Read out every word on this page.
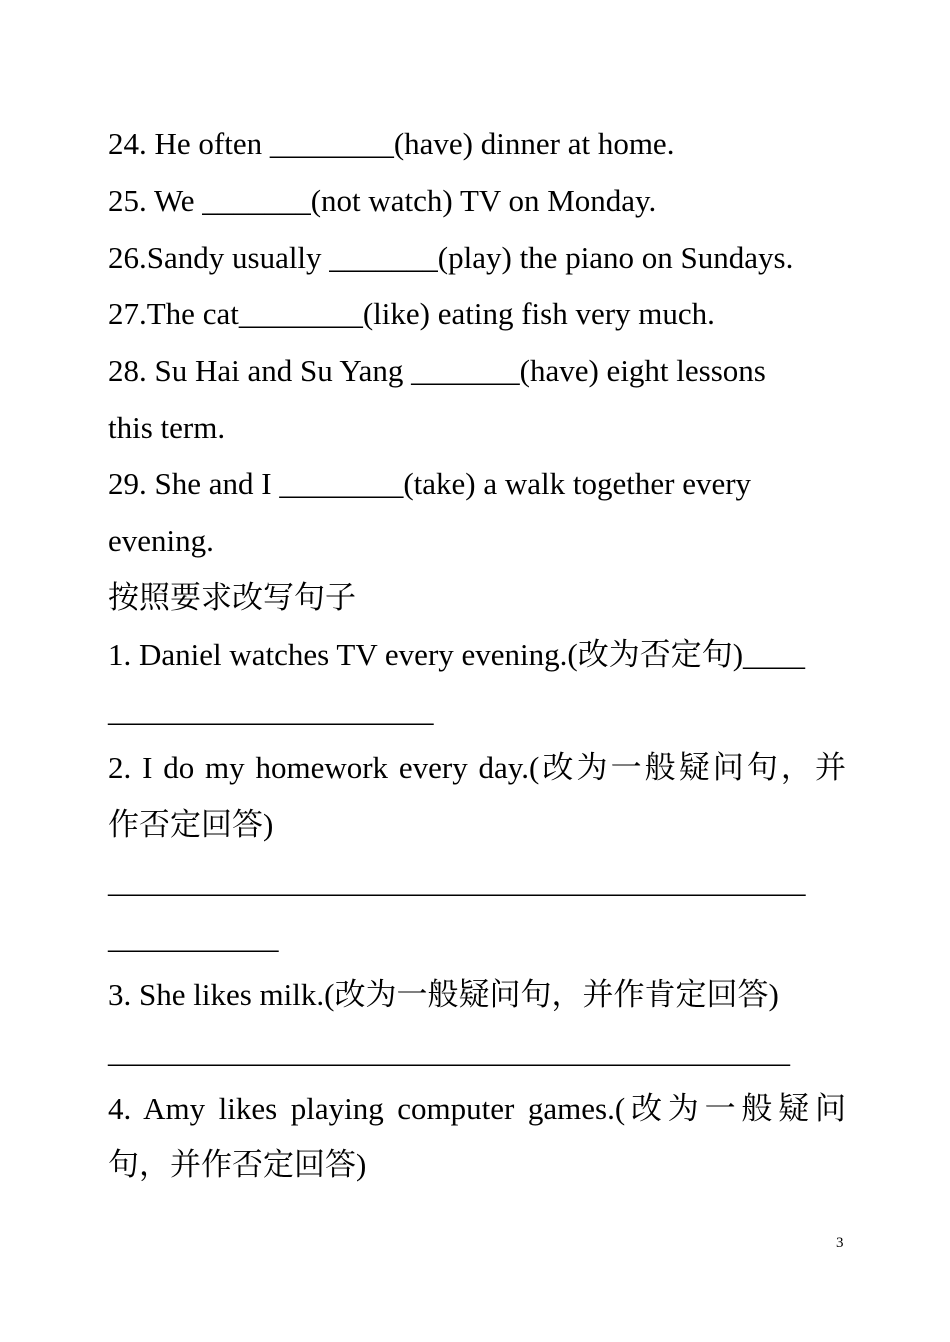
24. He often ________(have) dinner at home.
25. We _______(not watch) TV on Monday.
26.Sandy usually _______(play) the piano on Sundays.
27.The cat________(like) eating fish very much.
28. Su Hai and Su Yang _______(have) eight lessons
this term.
29. She and I ________(take) a walk together every
evening.
按照要求改写句子
1. Daniel watches TV every evening.(改为否定句)____
_____________________
2. I do my homework every day.(改为一般疑问句，并
作否定回答)
_____________________________________________
___________
3. She likes milk.(改为一般疑问句，并作肯定回答)
____________________________________________
4. Amy likes playing computer games.(改为一般疑问
句，并作否定回答)
3
